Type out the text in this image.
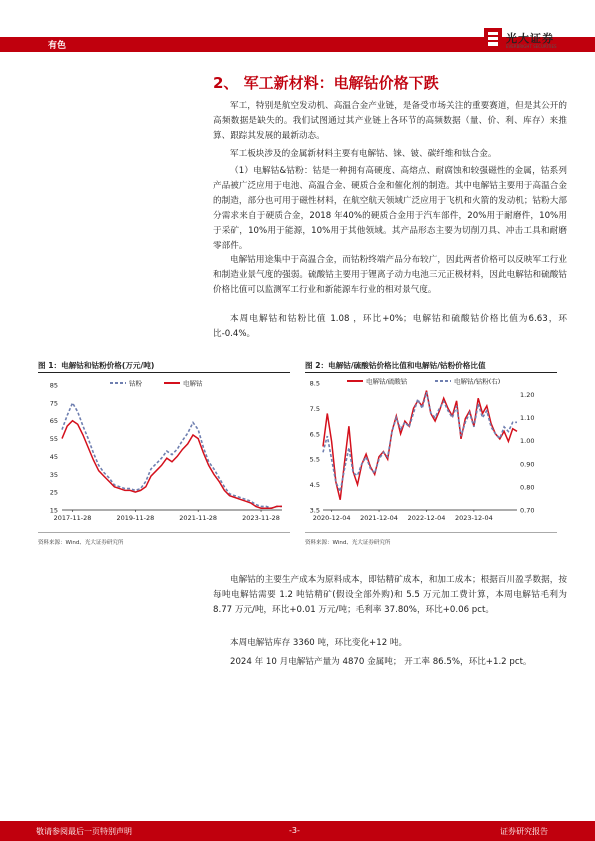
有色
光大证券
EVERBRIGHT SECURITIES
2、 军工新材料：电解钴价格下跌

军工，特别是航空发动机、高温合金产业链，是备受市场关注的重要赛道，但是其公开的高频数据是缺失的。我们试图通过其产业链上各环节的高频数据（量、价、利、库存）来推算、跟踪其发展的最新动态。

军工板块涉及的金属新材料主要有电解钴、铼、铍、碳纤维和钛合金。

（1）电解钴&钴粉：钴是一种拥有高硬度、高熔点、耐腐蚀和较强磁性的金属，钴系列产品被广泛应用于电池、高温合金、硬质合金和催化剂的制造。其中电解钴主要用于高温合金的制造，部分也可用于磁性材料，在航空航天领域广泛应用于飞机和火箭的发动机；钴粉大部分需求来自于硬质合金，2018 年40%的硬质合金用于汽车部件，20%用于耐磨件，10%用于采矿，10%用于能源，10%用于其他领域。其产品形态主要为切削刀具、冲击工具和耐磨零部件。

电解钴用途集中于高温合金，而钴粉终端产品分布较广，因此两者价格可以反映军工行业和制造业景气度的强弱。硫酸钴主要用于锂离子动力电池三元正极材料，因此电解钴和硫酸钴价格比值可以监测军工行业和新能源车行业的相对景气度。

本周电解钴和钴粉比值 1.08 ，环比+0%；电解钴和硫酸钴价格比值为6.63，环比-0.4%。

图 1：电解钴和钴粉价格(万元/吨)
85
75
65
55
45
35
25
15
2017-11-28	2019-11-28	2021-11-28	2023-11-28
钴粉	电解钴
资料来源：Wind、光大证券研究所
图 2：电解钴/硫酸钴价格比值和电解钴/钴粉价格比值
8.5
7.5
6.5
5.5
4.5
3.5
1.20
1.10
1.00
0.90
0.80
0.70
2020-12-04 2021-12-04 2022-12-04 2023-12-04
电解钴/硫酸钴	电解钴/钴粉(右)
资料来源：Wind、光大证券研究所

电解钴的主要生产成本为原料成本，即钴精矿成本，和加工成本；根据百川盈孚数据，按每吨电解钴需要 1.2 吨钴精矿(假设全部外购)和 5.5 万元加工费计算，本周电解钴毛利为 8.77 万元/吨，环比+0.01 万元/吨；毛利率 37.80%，环比+0.06 pct。

本周电解钴库存 3360 吨，环比变化+12 吨。

2024 年 10 月电解钴产量为 4870 金属吨； 开工率 86.5%，环比+1.2 pct。

敬请参阅最后一页特别声明	-3-	证券研究报告
